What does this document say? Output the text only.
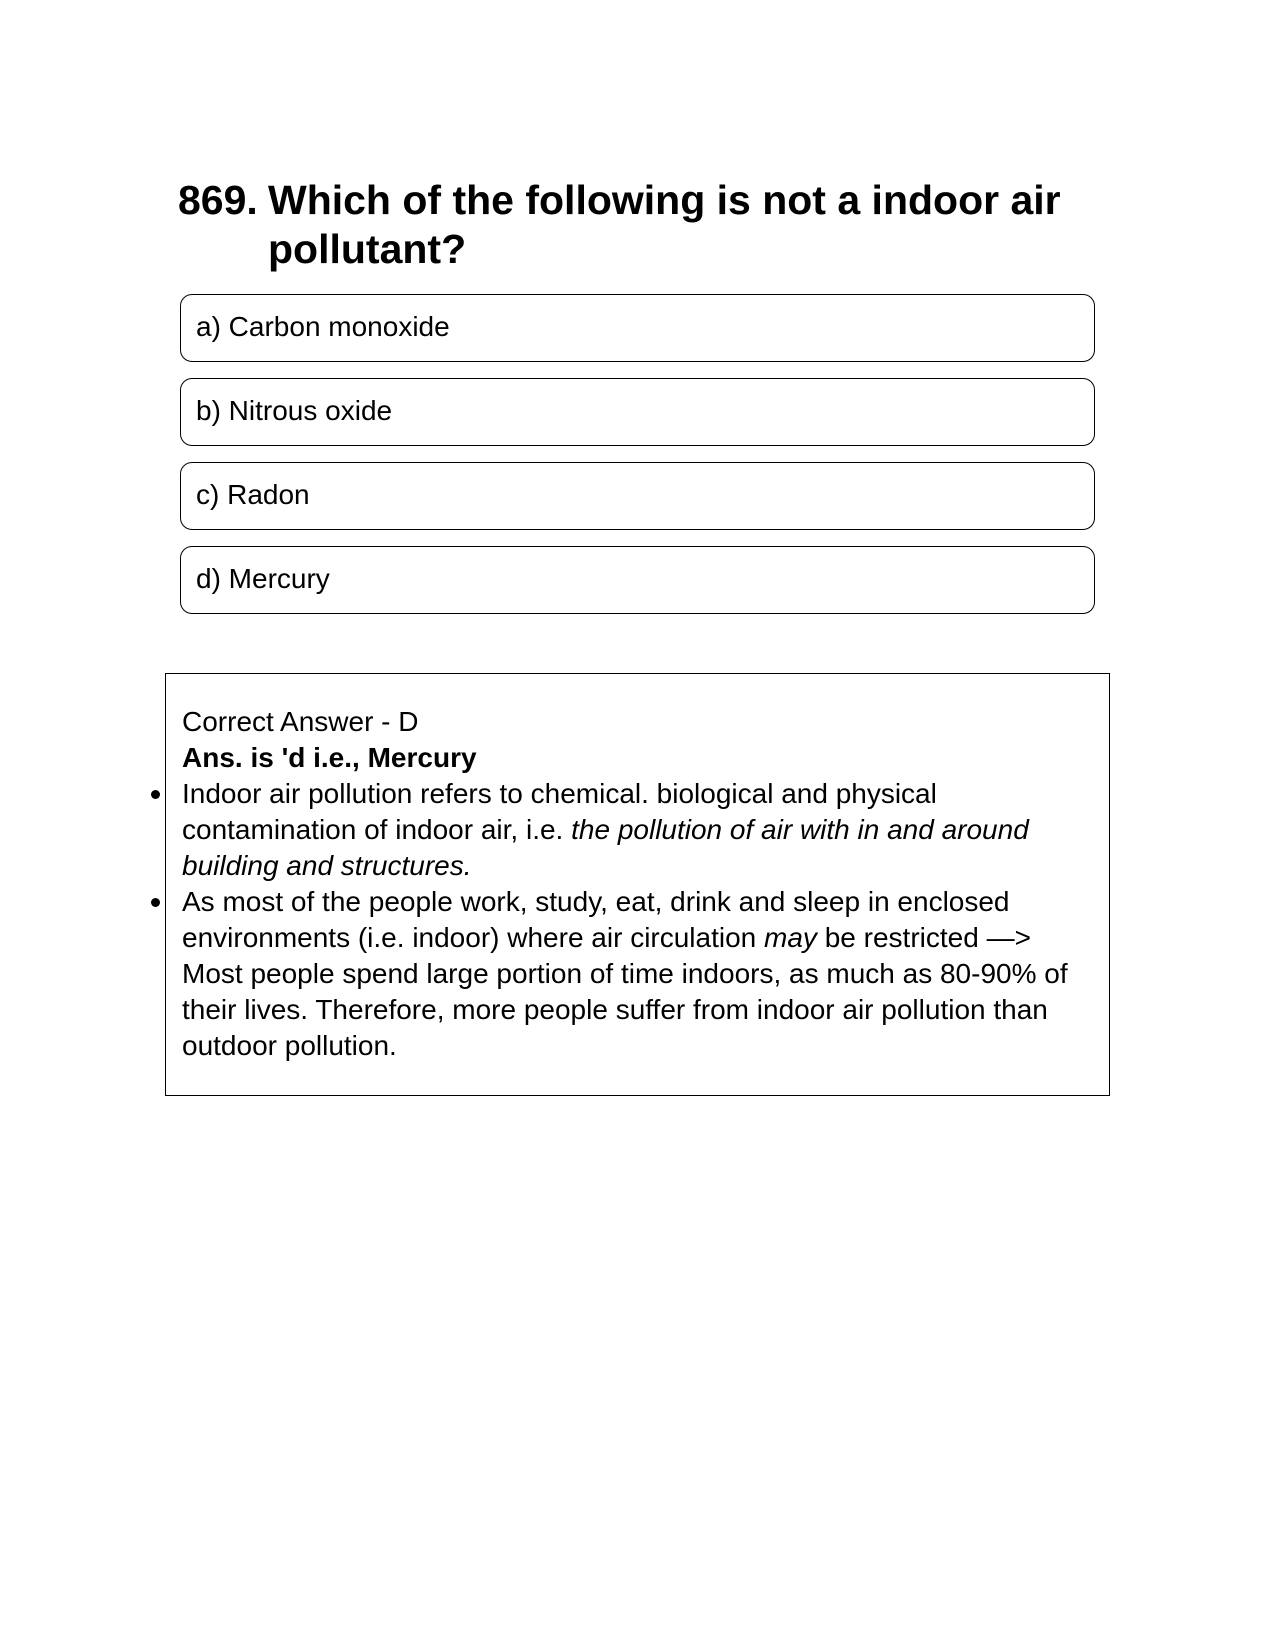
869. Which of the following is not a indoor air pollutant?
a) Carbon monoxide
b) Nitrous oxide
c) Radon
d) Mercury

Correct Answer - D

Ans. is 'd i.e., Mercury

Indoor air pollution refers to chemical. biological and physical contamination of indoor air, i.e. the pollution of air with in and around building and structures.
As most of the people work, study, eat, drink and sleep in enclosed environments (i.e. indoor) where air circulation may be restricted —> Most people spend large portion of time indoors, as much as 80-90% of their lives. Therefore, more people suffer from indoor air pollution than outdoor pollution.
